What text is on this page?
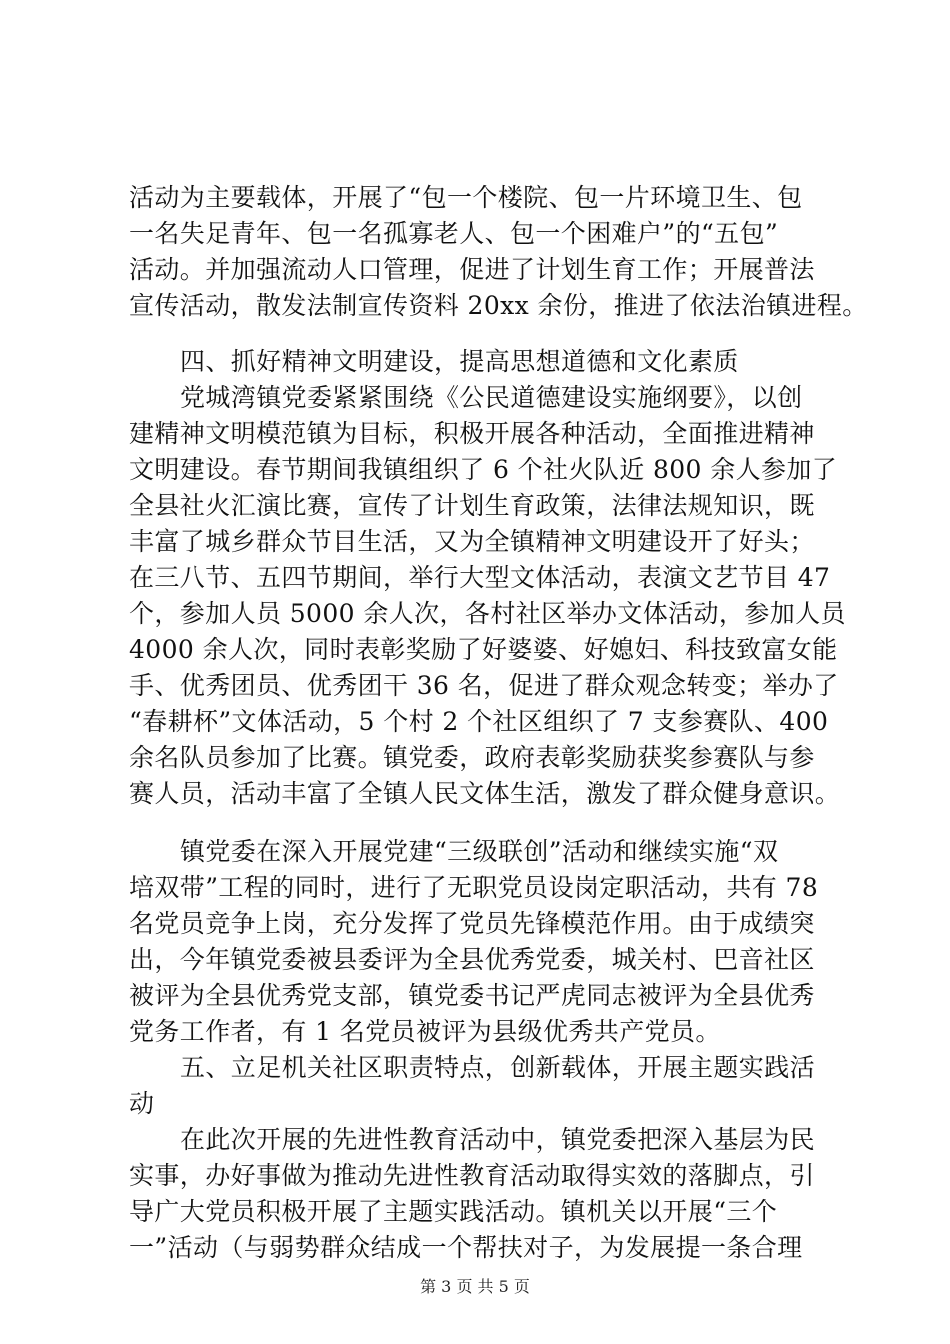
活动为主要载体，开展了“包一个楼院、包一片环境卫生、包
一名失足青年、包一名孤寡老人、包一个困难户”的“五包”
活动。并加强流动人口管理，促进了计划生育工作；开展普法
宣传活动，散发法制宣传资料 20xx 余份，推进了依法治镇进程。
四、抓好精神文明建设，提高思想道德和文化素质
党城湾镇党委紧紧围绕《公民道德建设实施纲要》，以创
建精神文明模范镇为目标，积极开展各种活动，全面推进精神
文明建设。春节期间我镇组织了 6 个社火队近 800 余人参加了
全县社火汇演比赛，宣传了计划生育政策，法律法规知识，既
丰富了城乡群众节目生活，又为全镇精神文明建设开了好头；
在三八节、五四节期间，举行大型文体活动，表演文艺节目 47
个，参加人员 5000 余人次，各村社区举办文体活动，参加人员
4000 余人次，同时表彰奖励了好婆婆、好媳妇、科技致富女能
手、优秀团员、优秀团干 36 名，促进了群众观念转变；举办了
“春耕杯”文体活动，5 个村 2 个社区组织了 7 支参赛队、400
余名队员参加了比赛。镇党委，政府表彰奖励获奖参赛队与参
赛人员，活动丰富了全镇人民文体生活，激发了群众健身意识。
镇党委在深入开展党建“三级联创”活动和继续实施“双
培双带”工程的同时，进行了无职党员设岗定职活动，共有 78
名党员竞争上岗，充分发挥了党员先锋模范作用。由于成绩突
出，今年镇党委被县委评为全县优秀党委，城关村、巴音社区
被评为全县优秀党支部，镇党委书记严虎同志被评为全县优秀
党务工作者，有 1 名党员被评为县级优秀共产党员。
五、立足机关社区职责特点，创新载体，开展主题实践活
动
在此次开展的先进性教育活动中，镇党委把深入基层为民
实事，办好事做为推动先进性教育活动取得实效的落脚点，引
导广大党员积极开展了主题实践活动。镇机关以开展“三个
一”活动（与弱势群众结成一个帮扶对子，为发展提一条合理
第 3 页 共 5 页
